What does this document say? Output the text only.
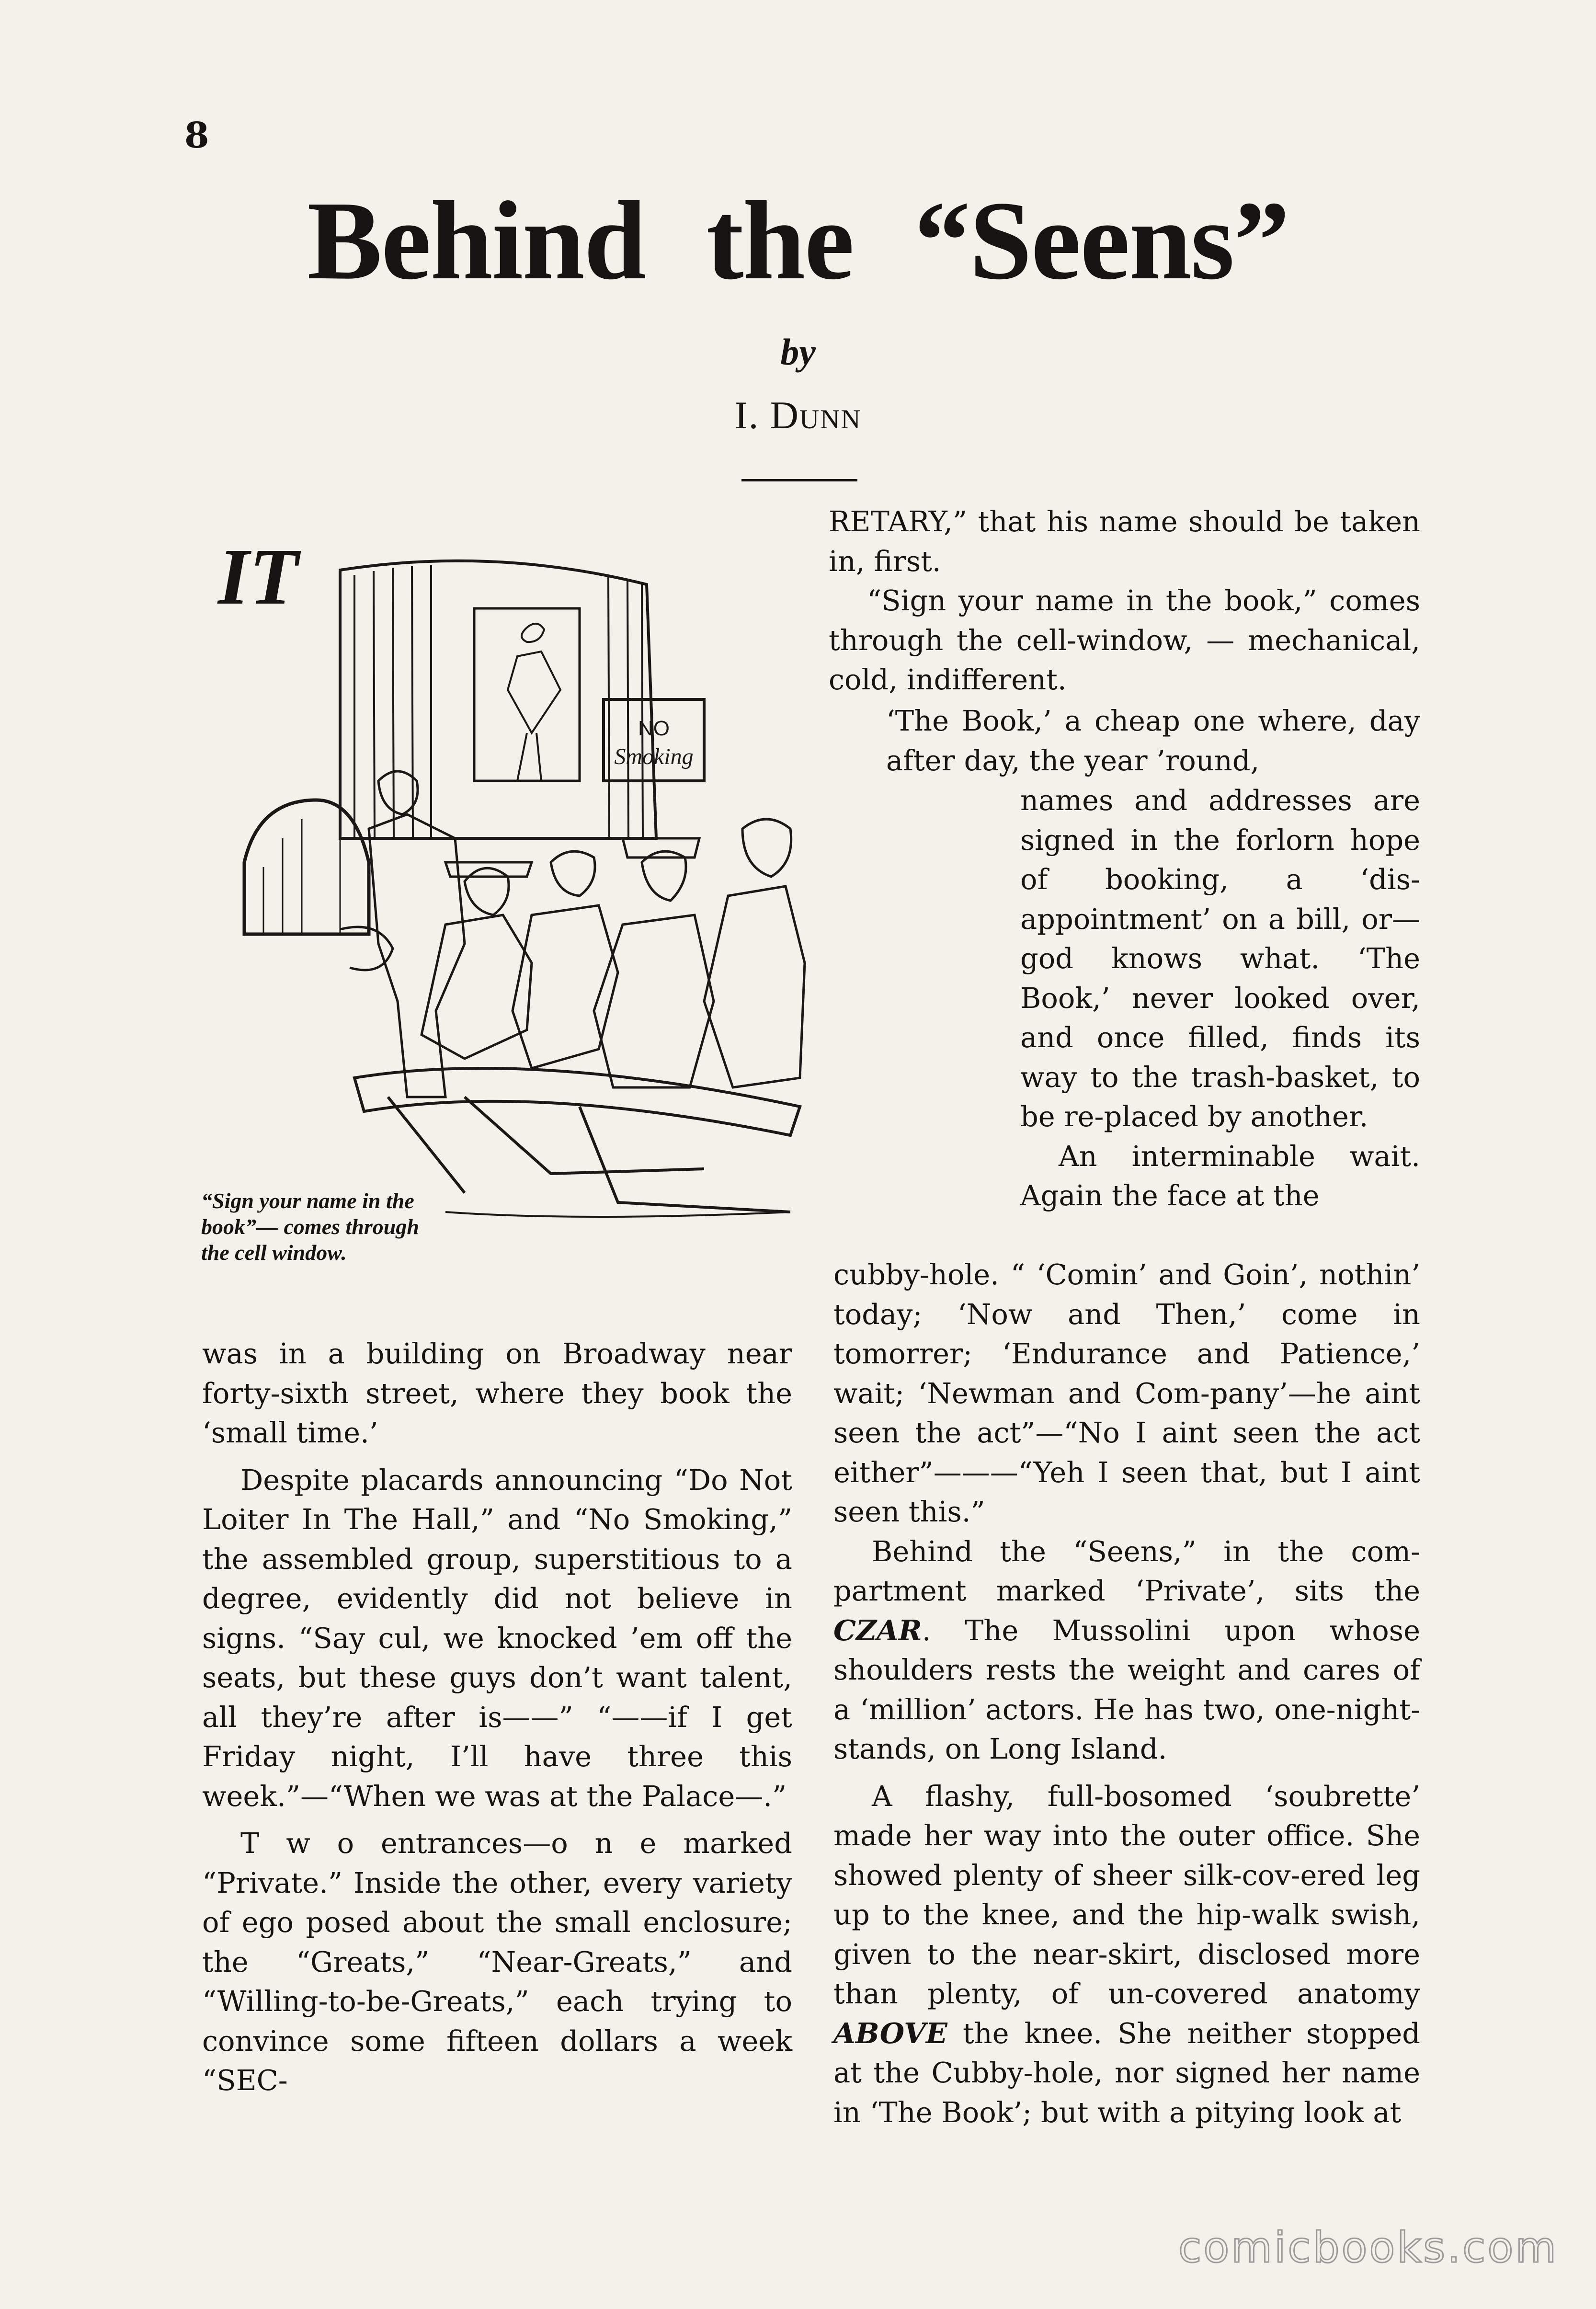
8
Behind the “Seens”
by
I. Dunn
NO
Smoking
IT
“Sign your name in the book”— comes through the cell window.

was in a building on Broadway near forty-sixth street, where they book the ‘small time.’

Despite placards announcing “Do Not Loiter In The Hall,” and “No Smoking,” the assembled group, superstitious to a degree, evidently did not believe in signs. “Say cul, we knocked ’em off the seats, but these guys don’t want talent, all they’re after is——” “——if I get Friday night, I’ll have three this week.”—“When we was at the Palace—.”

T w o entrances—o n e marked “Private.” Inside the other, every variety of ego posed about the small enclosure; the “Greats,” “Near-Greats,” and “Willing-to-be-Greats,” each trying to convince some fifteen dollars a week “SEC-

RETARY,” that his name should be taken in, first.

“Sign your name in the book,” comes through the cell-window, — mechanical, cold, indifferent.

‘The Book,’ a cheap one where, day after day, the year ’round,

names and addresses are signed in the forlorn hope of booking, a ‘dis-appointment’ on a bill, or—god knows what. ‘The Book,’ never looked over, and once filled, finds its way to the trash-basket, to be re-placed by another.

An interminable wait. Again the face at the

cubby-hole. “ ‘Comin’ and Goin’, nothin’ today; ‘Now and Then,’ come in tomorrer; ‘Endurance and Patience,’ wait; ‘Newman and Com-pany’—he aint seen the act”—“No I aint seen the act either”———“Yeh I seen that, but I aint seen this.”

Behind the “Seens,” in the com-partment marked ‘Private’, sits the CZAR. The Mussolini upon whose shoulders rests the weight and cares of a ‘million’ actors. He has two, one-night-stands, on Long Island.

A flashy, full-bosomed ‘soubrette’ made her way into the outer office. She showed plenty of sheer silk-cov-ered leg up to the knee, and the hip-walk swish, given to the near-skirt, disclosed more than plenty, of un-covered anatomy ABOVE the knee. She neither stopped at the Cubby-hole, nor signed her name in ‘The Book’; but with a pitying look at

comicbooks.com
